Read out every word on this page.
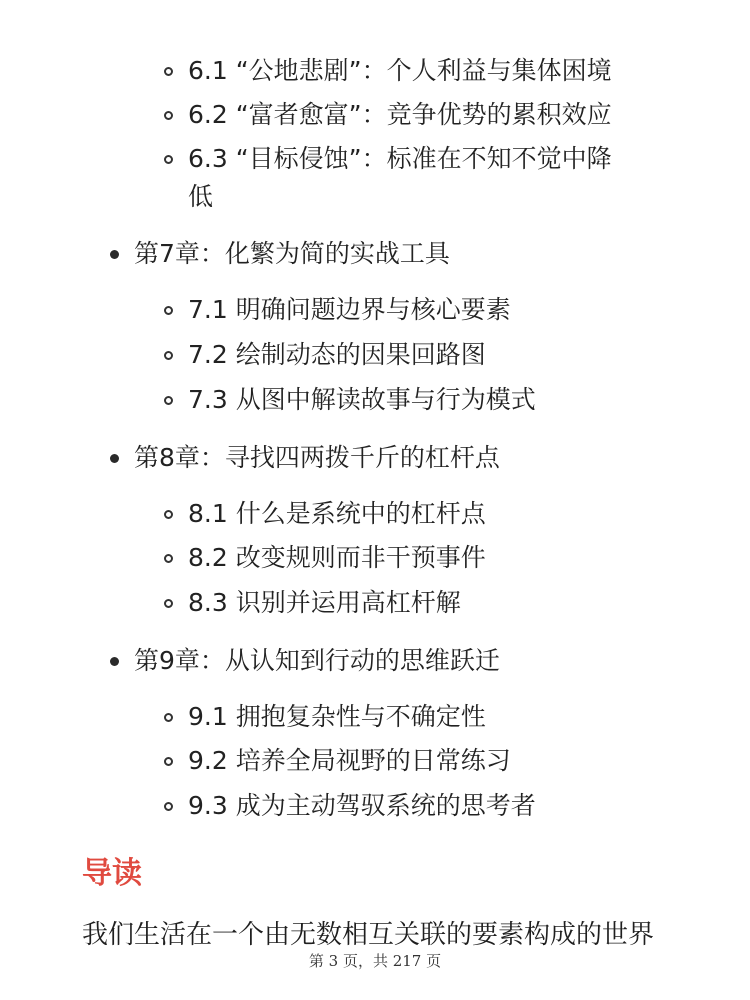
6.1 “公地悲剧”：个人利益与集体困境
6.2 “富者愈富”：竞争优势的累积效应
6.3 “目标侵蚀”：标准在不知不觉中降
低
第7章：化繁为简的实战工具
7.1 明确问题边界与核心要素
7.2 绘制动态的因果回路图
7.3 从图中解读故事与行为模式
第8章：寻找四两拨千斤的杠杆点
8.1 什么是系统中的杠杆点
8.2 改变规则而非干预事件
8.3 识别并运用高杠杆解
第9章：从认知到行动的思维跃迁
9.1 拥抱复杂性与不确定性
9.2 培养全局视野的日常练习
9.3 成为主动驾驭系统的思考者
导读
我们生活在一个由无数相互关联的要素构成的世界
第 3 页，共 217 页
